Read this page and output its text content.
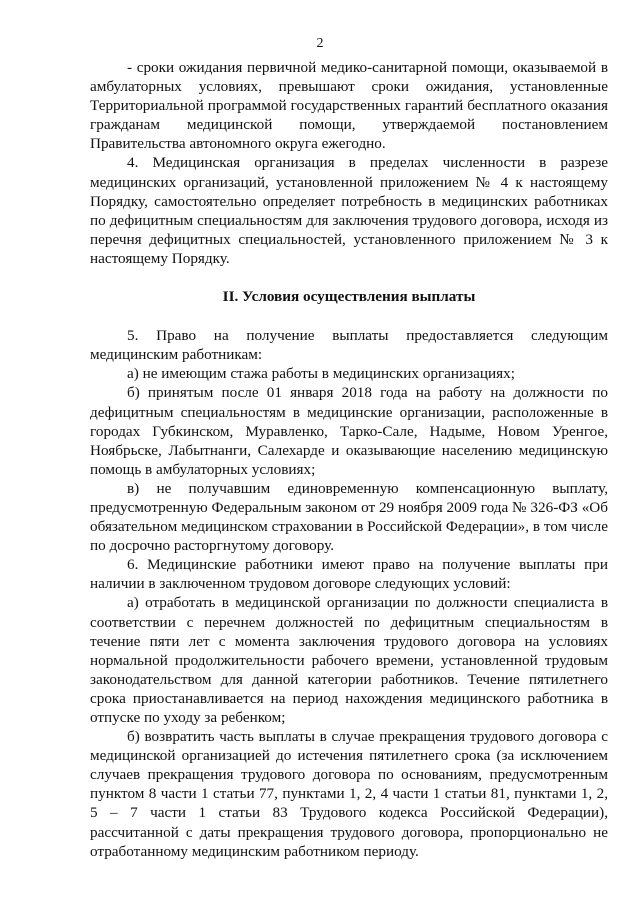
2

- сроки ожидания первичной медико-санитарной помощи, оказываемой в амбулаторных условиях, превышают сроки ожидания, установленные Территориальной программой государственных гарантий бесплатного оказания гражданам медицинской помощи, утверждаемой постановлением Правительства автономного округа ежегодно.

4. Медицинская организация в пределах численности в разрезе медицинских организаций, установленной приложением № 4 к настоящему Порядку, самостоятельно определяет потребность в медицинских работниках по дефицитным специальностям для заключения трудового договора, исходя из перечня дефицитных специальностей, установленного приложением № 3 к настоящему Порядку.

II. Условия осуществления выплаты

5. Право на получение выплаты предоставляется следующим медицинским работникам:

а) не имеющим стажа работы в медицинских организациях;

б) принятым после 01 января 2018 года на работу на должности по дефицитным специальностям в медицинские организации, расположенные в городах Губкинском, Муравленко, Тарко-Сале, Надыме, Новом Уренгое, Ноябрьске, Лабытнанги, Салехарде и оказывающие населению медицинскую помощь в амбулаторных условиях;

в) не получавшим единовременную компенсационную выплату, предусмотренную Федеральным законом от 29 ноября 2009 года № 326-ФЗ «Об обязательном медицинском страховании в Российской Федерации», в том числе по досрочно расторгнутому договору.

6. Медицинские работники имеют право на получение выплаты при наличии в заключенном трудовом договоре следующих условий:

а) отработать в медицинской организации по должности специалиста в соответствии с перечнем должностей по дефицитным специальностям в течение пяти лет с момента заключения трудового договора на условиях нормальной продолжительности рабочего времени, установленной трудовым законодательством для данной категории работников. Течение пятилетнего срока приостанавливается на период нахождения медицинского работника в отпуске по уходу за ребенком;

б) возвратить часть выплаты в случае прекращения трудового договора с медицинской организацией до истечения пятилетнего срока (за исключением случаев прекращения трудового договора по основаниям, предусмотренным пунктом 8 части 1 статьи 77, пунктами 1, 2, 4 части 1 статьи 81, пунктами 1, 2, 5 – 7 части 1 статьи 83 Трудового кодекса Российской Федерации), рассчитанной с даты прекращения трудового договора, пропорционально не отработанному медицинским работником периоду.
